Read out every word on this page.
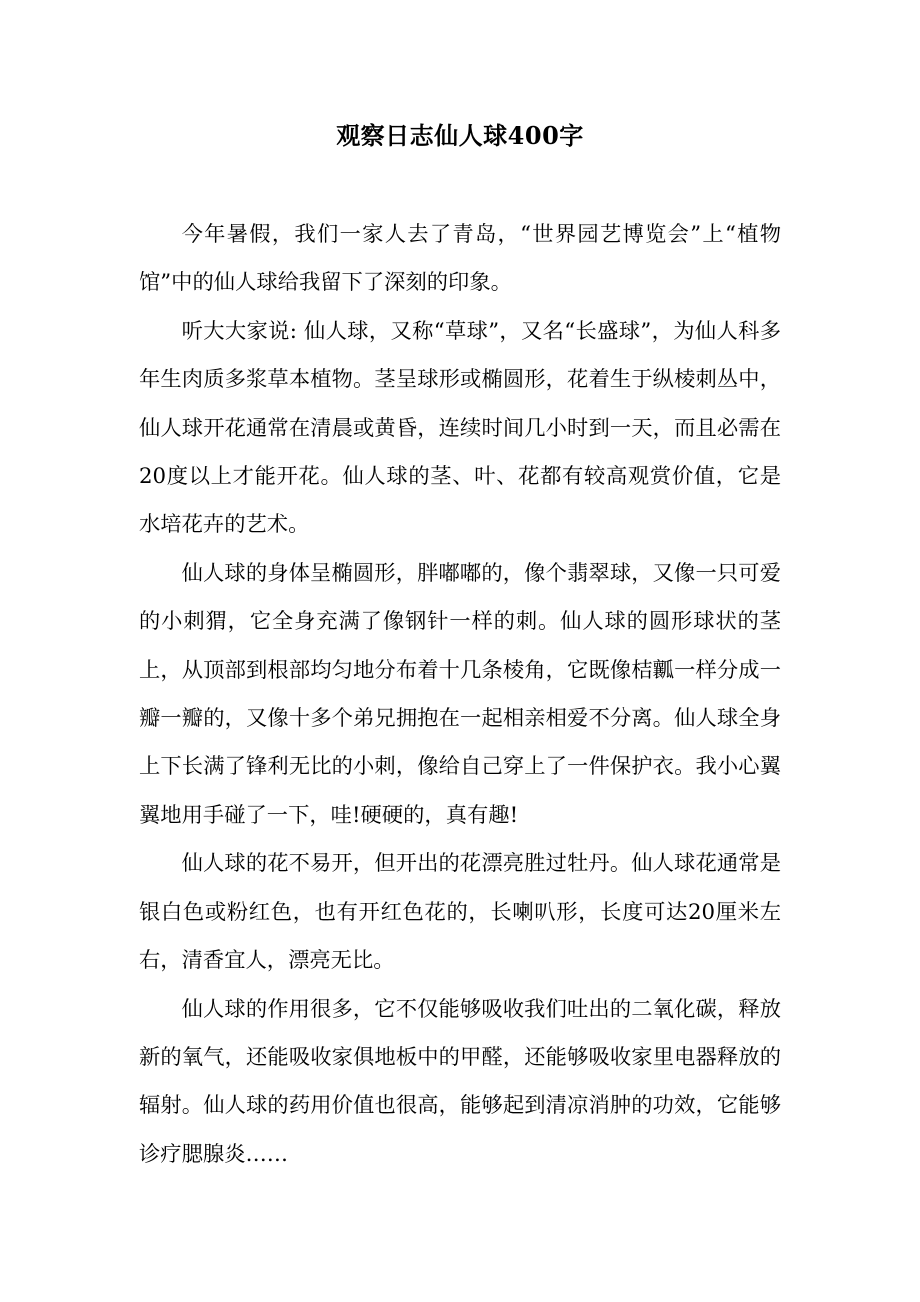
观察日志仙人球400字

今年暑假，我们一家人去了青岛，“世界园艺博览会”上“植物馆”中的仙人球给我留下了深刻的印象。

听大大家说: 仙人球，又称“草球”，又名“长盛球”，为仙人科多年生肉质多浆草本植物。茎呈球形或椭圆形，花着生于纵棱刺丛中，仙人球开花通常在清晨或黄昏，连续时间几小时到一天，而且必需在20度以上才能开花。仙人球的茎、叶、花都有较高观赏价值，它是水培花卉的艺术。

仙人球的身体呈椭圆形，胖嘟嘟的，像个翡翠球，又像一只可爱的小刺猬，它全身充满了像钢针一样的刺。仙人球的圆形球状的茎上，从顶部到根部均匀地分布着十几条棱角，它既像桔瓤一样分成一瓣一瓣的，又像十多个弟兄拥抱在一起相亲相爱不分离。仙人球全身上下长满了锋利无比的小刺，像给自己穿上了一件保护衣。我小心翼翼地用手碰了一下，哇!硬硬的，真有趣!

仙人球的花不易开，但开出的花漂亮胜过牡丹。仙人球花通常是银白色或粉红色，也有开红色花的，长喇叭形，长度可达20厘米左右，清香宜人，漂亮无比。

仙人球的作用很多，它不仅能够吸收我们吐出的二氧化碳，释放新的氧气，还能吸收家俱地板中的甲醛，还能够吸收家里电器释放的辐射。仙人球的药用价值也很高，能够起到清凉消肿的功效，它能够诊疗腮腺炎……
